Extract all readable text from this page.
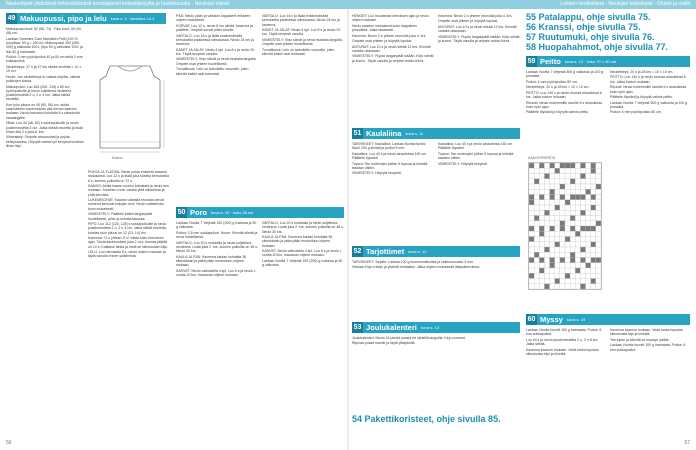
Neuleohjeet yhdistävät tinkimättömästi ensisijaisesti kekseliäisyyttä ja huolellisuutta · Neuloosi ohjeet	Lehden neuleohjeet · Neulojan kääntöpiiri · Ohjeet ja mallit
49 $^{Makuupussi, pipo ja lelu}$ $^{kuva s. 9 \cdot kartoitus 12-1}$

Makuupussi koot: 62 (68, 74) · Pipo koot: 40 (44, 48) cm.

Lankaa: Sandnes Garn Mandarin Petit (100 % puuvillaa, 50 g = 180 m): Makuupussi 300 (350, 400) g valkoista 1001, pipo 50 g valkoista 1001 ja lelu 50 g harmaata.

Puikot: 3 mm pyöröpuikot 40 ja 80 cm sekä 3 mm sukkapuikot.

Neuletiheys: 27 s ja 37 krs sileää neuletta = 10 × 10 cm.

Huom: Jos neuletiheys ei vastaa ohjetta, vaihda puikkojen kokoa.

Makuupussi: Luo 184 (200, 216) s 80 cm pyöröpuikolle ja neulo suljettuna neuleena joustinneuletta 2 o, 2 n 4 cm. Jatka sileää neuletta.

Kun työn pituus on 45 (50, 55) cm, aloita kaarrokkeen kavennukset alla olevan kaavion mukaan. Neulo kainalon kohdalla 8 s silmukoita varalangalle.

Hihat: Luo 44 (48, 52) s sukkapuikoille ja neulo joustinneuletta 3 cm. Jatka sileää neuletta ja lisää hihan alla 2 s joka 6. krs.

Viimeistely: Ompele sivusaumat ja pujota kiristysnauha. Höyrytä valmis työ kevyesti kostean liinan läpi.

Kaavio

POHJA JA YLÄOSA: Neulo pohja erikseen kaavion mukaisesti. Luo 12 s ja lisää joka toisella kerroksella 6 s, kunnes puikoilla on 72 s.

KAAVIO: Aloita kaavio nuolen kohdasta ja neulo sen mukaan. Jokainen ruutu vastaa yhtä silmukkaa ja yhtä kerrosta.

LUKEMISOHJE: Kaavion oikealla reunalla olevat numerot kertovat kokojen erot. Neulo valitsemasi koon mukaisesti.

VIIMEISTELY: Päättele kaikki langanpäät huolellisesti, pese ja kuivata tasossa.

PIPO: Luo 112 (120, 128) s sukkapuikoille ja neulo joustinneuletta 2 o, 2 n 3 cm. Jatka sileää neuletta, kunnes työn pituus on 12 (13, 14) cm.

Kavenna: *2 o yhteen, 6 o* toista koko kerroksen ajan. Toista kavennukset joka 2. krs, kunnes jäljellä on 14 s. Katkaise lanka ja vedä se silmukoiden läpi.

LELU: Luo harmaalla 8 s, neulo ohjeen mukaan ja täytä vanulla ennen sulkemista.

PÄÄ: Neulo pään ja vartalon kappaleet erikseen ohjeen mukaisesti.

KORVAT: Luo 12 s, neulo 8 krs sileää, kavenna ja päättele. Ompele korvat pään sivuille.

VARTALO: Luo 16 s ja lisää ensimmäisellä kerroksella jokaisessa silmukassa. Neulo 24 krs ja kavenna.

KÄDET JA JALAT: Neulo 4 kpl. Luo 8 s ja neulo 20 krs. Täytä kevyesti vanulla.

VIIMEISTELY: Kirjo silmät ja nenä mustalla langalla. Ompele osat yhteen huolellisesti.

Turvallisuus: Lelu on tarkoitettu vauvoille, joten kiinnitä kaikki osat tukevasti.

VARTALO: Luo 16 s ja lisää ensimmäisellä kerroksella jokaisessa silmukassa. Neulo 24 krs ja kavenna.

KÄDET JA JALAT: Neulo 4 kpl. Luo 8 s ja neulo 20 krs. Täytä kevyesti vanulla.

VIIMEISTELY: Kirjo silmät ja nenä mustalla langalla. Ompele osat yhteen huolellisesti.

Turvallisuus: Lelu on tarkoitettu vauvoille, joten kiinnitä kaikki osat tukevasti.

50 $^{Poro}$ $^{kuva s. 10 \cdot koko 26 cm}$

Lankaa: Novita 7 Veljestä 150 (200) g ruskeaa ja 50 g valkoista.

Puikot: 3,5 mm sukkapuikot. Huom: Kiinnitä silmät ja nenä huolellisesti.

VARTALO: Luo 20 s ruskealla ja neulo suljettuna neuleena. Lisää joka 2. krs, kunnes puikoilla on 48 s. Neulo 30 krs.

KAULA JA PÄÄ: Kavenna kaulan kohdalta 36 silmukkaan ja jatka pään muotoiluun ohjeen mukaan.

SARVET: Neulo valkoisella 4 kpl. Luo 6 s ja neulo i-cordia 20 krs, haaraudu ohjeen mukaan.

VARTALO: Luo 20 s ruskealla ja neulo suljettuna neuleena. Lisää joka 2. krs, kunnes puikoilla on 48 s. Neulo 30 krs.

KAULA JA PÄÄ: Kavenna kaulan kohdalta 36 silmukkaan ja jatka pään muotoiluun ohjeen mukaan.

SARVET: Neulo valkoisella 4 kpl. Luo 6 s ja neulo i-cordia 20 krs, haaraudu ohjeen mukaan.

Lankaa: Novita 7 Veljestä 150 (200) g ruskeaa ja 50 g valkoista.

56

HENGET: Luo muutaman kerroksen ajan ja neulo ohjeen mukaan.

Neulo kaavion mukaisesti koko kappaleen pituudelta. Jatka tasaisesti.

Kavenna: Neulo 2 o yhteen reunoilla joka 4. krs.

Ompele osat yhteen ja höyrytä lopuksi.

ANTURAT: Luo 10 s ja neulo sileää 12 krs. Kiinnitä vartalon alaosaan.

VIIMEISTELY: Pujota langanpäät sisään. Kirjo silmät ja kuono. Täytä vanulla ja ompele aukko kiinni.

51 $^{Kaulaliina}$ $^{kuva s. 11}$

TARVIKKEET: Kaulaliina: Lankaa Novita Nordic Wool 200 g sinistä ja puikot 5 mm.

Kaulaliina: Luo 40 s ja neulo ainaoikeaa 160 cm. Päättele löysästi.

Tupsut: Tee molempiin päihin 5 tupsua ja kiinnitä tasaisin välein.

VIIMEISTELY: Höyrytä kevyesti.

Kaulaliina: Luo 40 s ja neulo ainaoikeaa 160 cm. Päättele löysästi.

Tupsut: Tee molempiin päihin 5 tupsua ja kiinnitä tasaisin välein.

VIIMEISTELY: Höyrytä kevyesti.

Kavenna: Neulo 2 o yhteen reunoilla joka 4. krs.

Ompele osat yhteen ja höyrytä lopuksi.

ANTURAT: Luo 10 s ja neulo sileää 12 krs. Kiinnitä vartalon alaosaan.

VIIMEISTELY: Pujota langanpäät sisään. Kirjo silmät ja kuono. Täytä vanulla ja ompele aukko kiinni.

52 $^{Tarjottimet}$ $^{kuva s. 12}$

TARVIKKEET: Tarjotin: Lankaa 100 g luonnonvalkoista ja virkkuukoukku 3 mm.

Virkkaa 6 kjs:n ketju ja yhdistä renkaaksi. Jatka ohjeen mukaisesti lisäyskierroksia.

53 $^{Joulukalenteri}$ $^{kuva s. 13}$

Joulukalenteri: Neulo 24 pientä pussia eri värisillä langoilla. Kirjo numerot.

Ripusta pussit narulle ja täytä yllätyksillä.

54 Pakettikoristeet, ohje sivulla 85.
55 Patalappu, ohje sivulla 75.
56 Kranssi, ohje sivulla 75.
57 Ruutumuki, ohje sivulla 76.
58 Huopahahmot, ohje sivulla 77.
59 $^{Peitto}$ $^{kuva s. 14 \cdot koko 70 \times 90 cm}$

Lankaa: Novita 7 Veljestä 500 g valkoista ja 100 g punaista.

Puikot: 4 mm pyöröpuikko 80 cm.

Neuletiheys: 20 s ja 28 krs = 10 × 10 cm.

PEITTO: Luo 140 s ja neulo reunaa ainaoikeaa 6 krs. Jatka kuvion mukaan.

Reunat: Neulo molemmille sivuille 6 s ainaoikeaa koko työn ajan.

Päättele löysästi ja höyrytä valmis peitto.

KAAVIOPIIRROS

Neuletiheys: 20 s ja 28 krs = 10 × 10 cm.

PEITTO: Luo 140 s ja neulo reunaa ainaoikeaa 6 krs. Jatka kuvion mukaan.

Reunat: Neulo molemmille sivuille 6 s ainaoikeaa koko työn ajan.

Päättele löysästi ja höyrytä valmis peitto.

Lankaa: Novita 7 Veljestä 500 g valkoista ja 100 g punaista.

Puikot: 4 mm pyöröpuikko 80 cm.

60 $^{Myssy}$ $^{kuva s. 15}$

Lankaa: Novita Isoveli 100 g harmaata. Puikot: 6 mm sukkapuikot.

Luo 64 s ja neulo joustinneuletta 2 o, 2 n 8 cm. Jatka sileää.

Kavenna kaavion mukaan. Vedä lanka lopuista silmukoista läpi ja kiinnitä.

Kavenna kaavion mukaan. Vedä lanka lopuista silmukoista läpi ja kiinnitä.

Tee tupsu ja kiinnitä se myssyn päälle.

Lankaa: Novita Isoveli 100 g harmaata. Puikot: 6 mm sukkapuikot.

57
